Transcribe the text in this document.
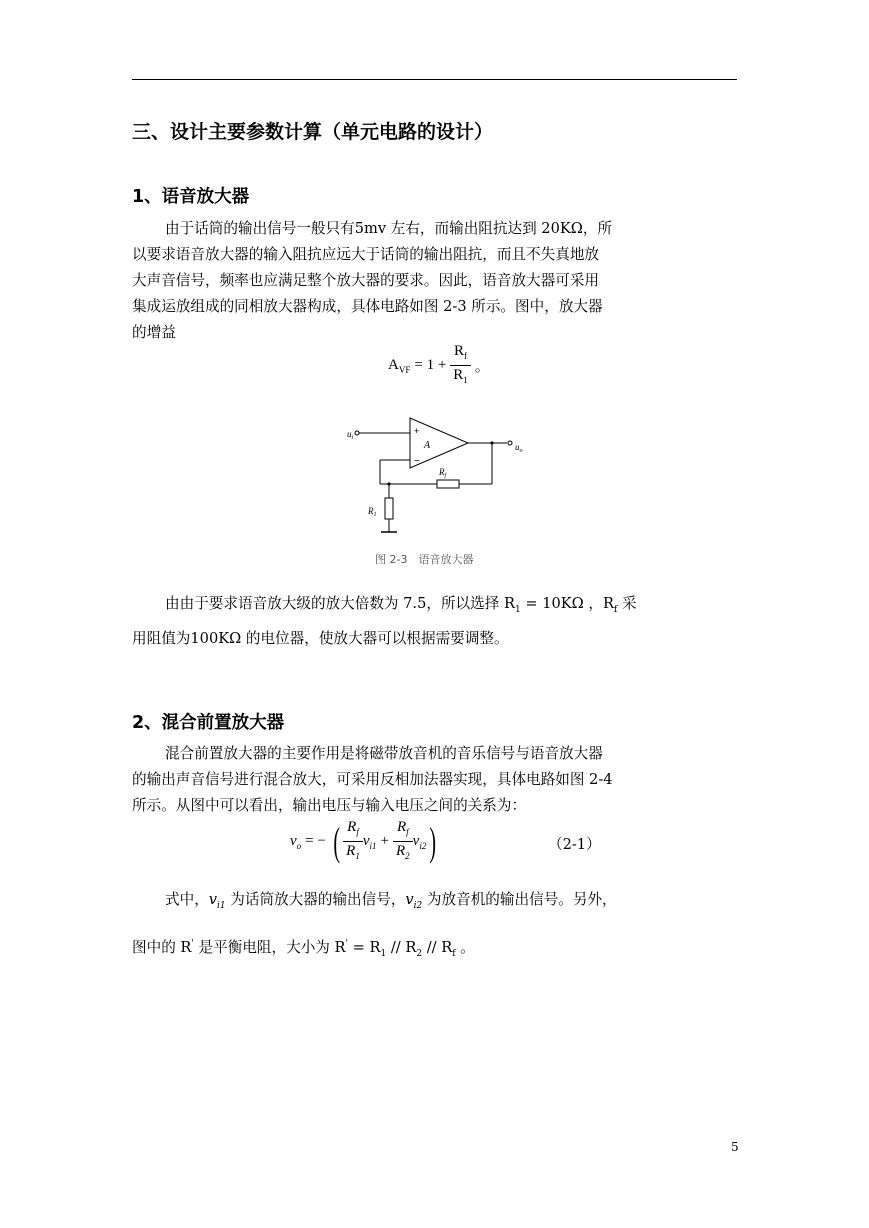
三、设计主要参数计算（单元电路的设计）
1、语音放大器
由于话筒的输出信号一般只有5mv 左右，而输出阻抗达到 20KΩ，所
以要求语音放大器的输入阻抗应远大于话筒的输出阻抗，而且不失真地放
大声音信号，频率也应满足整个放大器的要求。因此，语音放大器可采用
集成运放组成的同相放大器构成，具体电路如图 2-3 所示。图中，放大器
的增益
$A_{VF} = 1 + \frac{R_f}{R_1}$ 。
$u_i$
$u_o$
+
−
A
$R_f$
$R_1$
图 2-3　语音放大器
由由于要求语音放大级的放大倍数为 7.5，所以选择 $R_1 = 10K\Omega$ ，$R_f$ 采
用阻值为100KΩ 的电位器，使放大器可以根据需要调整。
2、混合前置放大器
混合前置放大器的主要作用是将磁带放音机的音乐信号与语音放大器
的输出声音信号进行混合放大，可采用反相加法器实现，具体电路如图 2-4
所示。从图中可以看出，输出电压与输入电压之间的关系为：
$v_o$ = − ( $\frac{R_f}{R_1} v_{i1} + \frac{R_f}{R_2} v_{i2}$ )	（2-1）
式中，$v_{i1}$ 为话筒放大器的输出信号，$v_{i2}$ 为放音机的输出信号。另外，
图中的 R' 是平衡电阻，大小为 $R' = R_1 // R_2 // R_f$ 。
5
